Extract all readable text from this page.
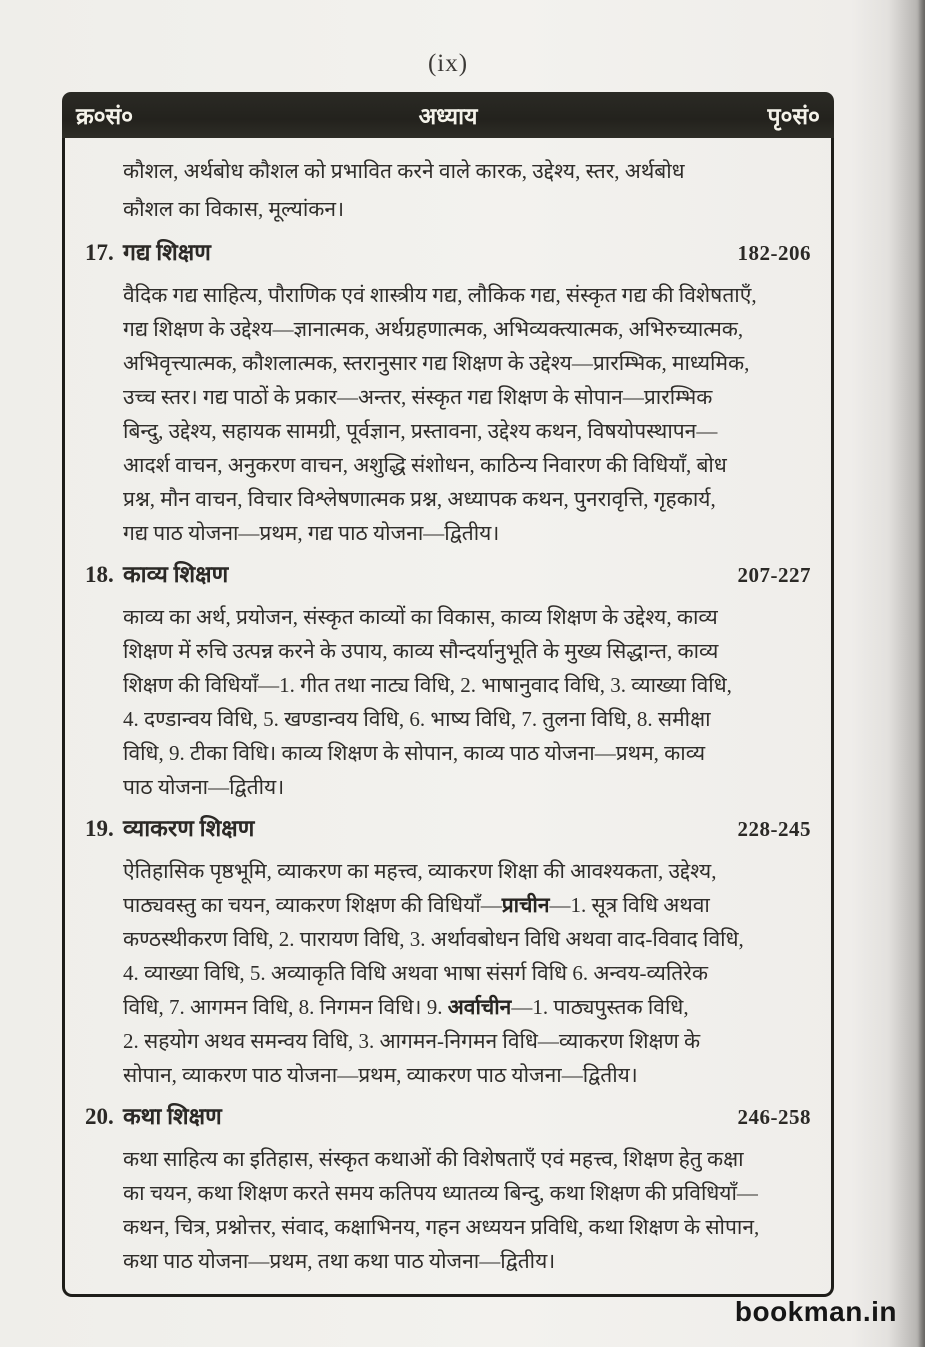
(ix)
क्र०सं०	अध्याय	पृ०सं०
कौशल, अर्थबोध कौशल को प्रभावित करने वाले कारक, उद्देश्य, स्तर, अर्थबोध
कौशल का विकास, मूल्यांकन।
17. गद्य शिक्षण	182-206
वैदिक गद्य साहित्य, पौराणिक एवं शास्त्रीय गद्य, लौकिक गद्य, संस्कृत गद्य की विशेषताएँ,
गद्य शिक्षण के उद्देश्य—ज्ञानात्मक, अर्थग्रहणात्मक, अभिव्यक्त्यात्मक, अभिरुच्यात्मक,
अभिवृत्त्यात्मक, कौशलात्मक, स्तरानुसार गद्य शिक्षण के उद्देश्य—प्रारम्भिक, माध्यमिक,
उच्च स्तर। गद्य पाठों के प्रकार—अन्तर, संस्कृत गद्य शिक्षण के सोपान—प्रारम्भिक
बिन्दु, उद्देश्य, सहायक सामग्री, पूर्वज्ञान, प्रस्तावना, उद्देश्य कथन, विषयोपस्थापन—
आदर्श वाचन, अनुकरण वाचन, अशुद्धि संशोधन, काठिन्य निवारण की विधियाँ, बोध
प्रश्न, मौन वाचन, विचार विश्लेषणात्मक प्रश्न, अध्यापक कथन, पुनरावृत्ति, गृहकार्य,
गद्य पाठ योजना—प्रथम, गद्य पाठ योजना—द्वितीय।
18. काव्य शिक्षण	207-227
काव्य का अर्थ, प्रयोजन, संस्कृत काव्यों का विकास, काव्य शिक्षण के उद्देश्य, काव्य
शिक्षण में रुचि उत्पन्न करने के उपाय, काव्य सौन्दर्यानुभूति के मुख्य सिद्धान्त, काव्य
शिक्षण की विधियाँ—1. गीत तथा नाट्य विधि, 2. भाषानुवाद विधि, 3. व्याख्या विधि,
4. दण्डान्वय विधि, 5. खण्डान्वय विधि, 6. भाष्य विधि, 7. तुलना विधि, 8. समीक्षा
विधि, 9. टीका विधि। काव्य शिक्षण के सोपान, काव्य पाठ योजना—प्रथम, काव्य
पाठ योजना—द्वितीय।
19. व्याकरण शिक्षण	228-245
ऐतिहासिक पृष्ठभूमि, व्याकरण का महत्त्व, व्याकरण शिक्षा की आवश्यकता, उद्देश्य,
पाठ्यवस्तु का चयन, व्याकरण शिक्षण की विधियाँ—प्राचीन—1. सूत्र विधि अथवा
कण्ठस्थीकरण विधि, 2. पारायण विधि, 3. अर्थावबोधन विधि अथवा वाद-विवाद विधि,
4. व्याख्या विधि, 5. अव्याकृति विधि अथवा भाषा संसर्ग विधि 6. अन्वय-व्यतिरेक
विधि, 7. आगमन विधि, 8. निगमन विधि। 9. अर्वाचीन—1. पाठ्यपुस्तक विधि,
2. सहयोग अथव समन्वय विधि, 3. आगमन-निगमन विधि—व्याकरण शिक्षण के
सोपान, व्याकरण पाठ योजना—प्रथम, व्याकरण पाठ योजना—द्वितीय।
20. कथा शिक्षण	246-258
कथा साहित्य का इतिहास, संस्कृत कथाओं की विशेषताएँ एवं महत्त्व, शिक्षण हेतु कक्षा
का चयन, कथा शिक्षण करते समय कतिपय ध्यातव्य बिन्दु, कथा शिक्षण की प्रविधियाँ—
कथन, चित्र, प्रश्नोत्तर, संवाद, कक्षाभिनय, गहन अध्ययन प्रविधि, कथा शिक्षण के सोपान,
कथा पाठ योजना—प्रथम, तथा कथा पाठ योजना—द्वितीय।
bookman.in
